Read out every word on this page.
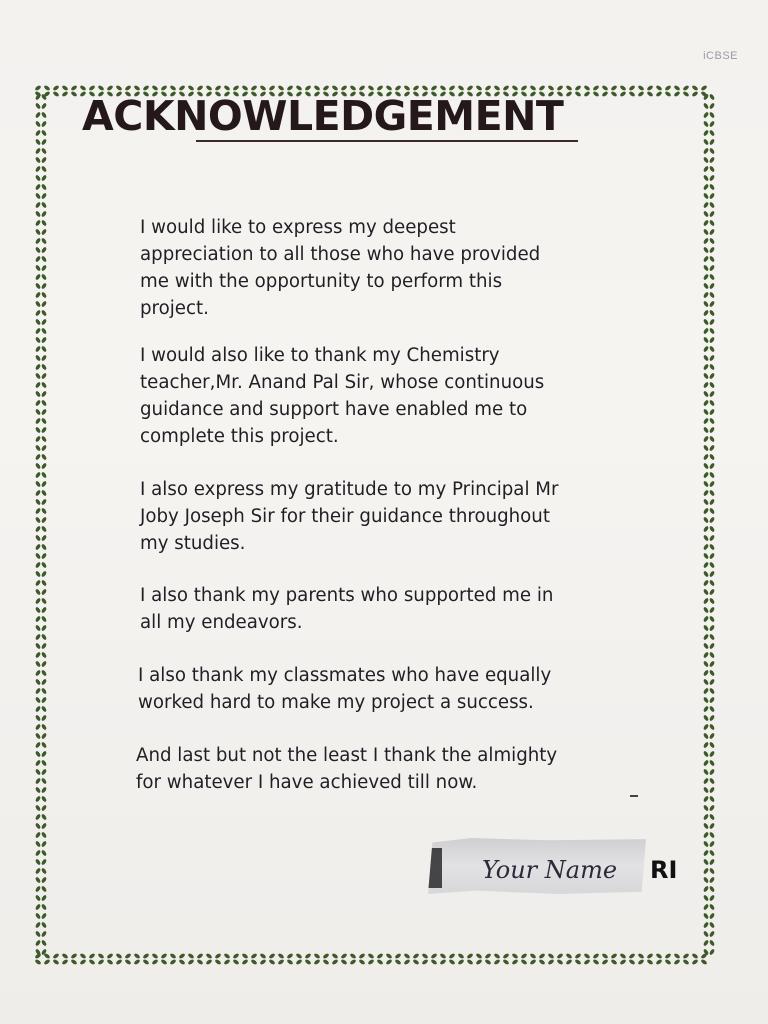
iCBSE
ACKNOWLEDGEMENT

I would like to express my deepest
appreciation to all those who have provided
me with the opportunity to perform this
project.

I would also like to thank my Chemistry
teacher,Mr. Anand Pal Sir, whose continuous
guidance and support have enabled me to
complete this project.

I also express my gratitude to my Principal Mr
Joby Joseph Sir for their guidance throughout
my studies.

I also thank my parents who supported me in
all my endeavors.

I also thank my classmates who have equally
worked hard to make my project a success.

And last but not the least I thank the almighty
for whatever I have achieved till now.

Your Name RI
